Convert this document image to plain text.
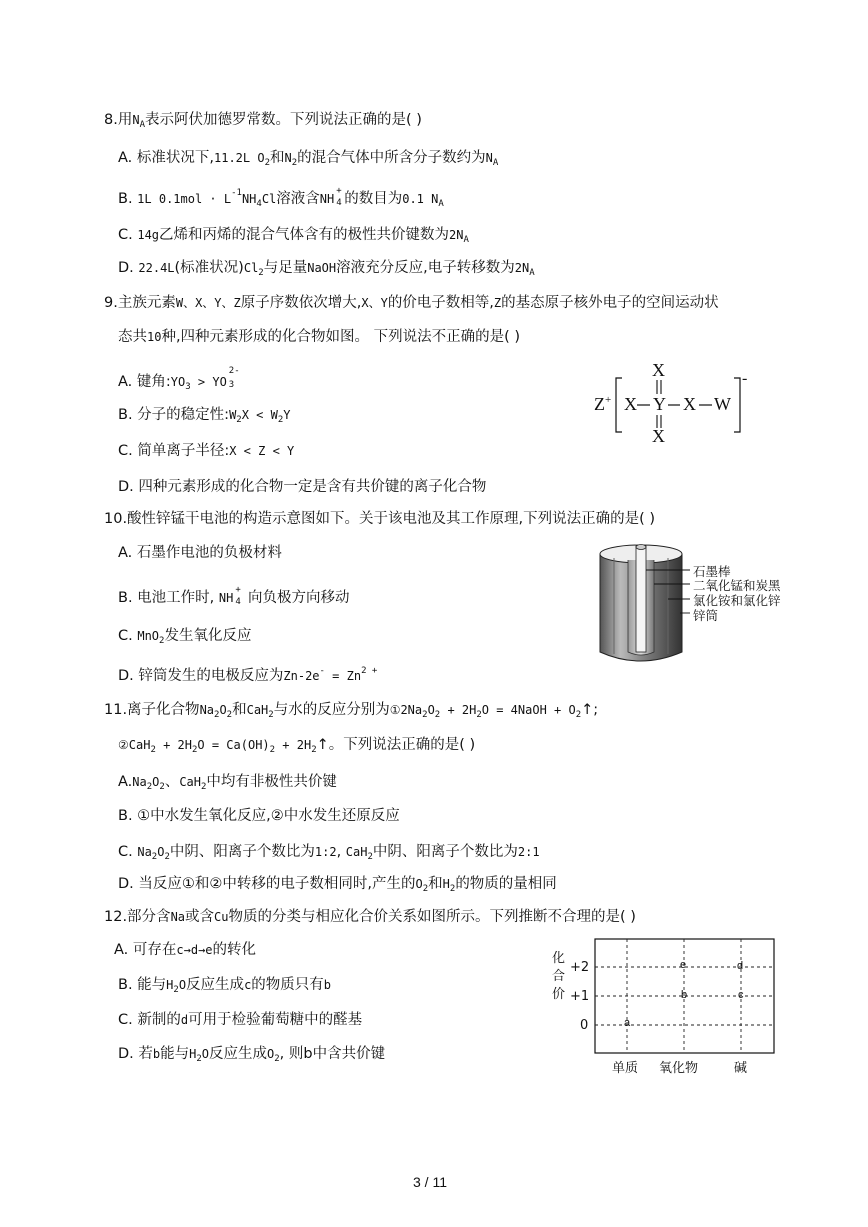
8.用$N_A$表示阿伏加德罗常数。下列说法正确的是( )
A. 标准状况下,11.2L $O_2$和$N_2$的混合气体中所含分子数约为$N_A$
B. 1L $0.1mol \cdot L^{-1}NH_4Cl$溶液含NH
+
4 的数目为0.1 $N_A$
C. 14g乙烯和丙烯的混合气体含有的极性共价键数为$2N_A$
D. 22.4L(标准状况)$Cl_2$与足量NaOH溶液充分反应,电子转移数为$2N_A$
9.主族元素W、X、Y、Z原子序数依次增大,X、Y的价电子数相等,Z的基态原子核外电子的空间运动状
态共10种,四种元素形成的化合物如图。 下列说法不正确的是( )
A. 键角$:YO_3$ > YO
2-
3
B. 分子的稳定性$:W_2X < W_2Y$
C. 简单离子半径:X < Z < Y
D. 四种元素形成的化合物一定是含有共价键的离子化合物
Z+
X
X
X Y X W
-
10.酸性锌锰干电池的构造示意图如下。关于该电池及其工作原理,下列说法正确的是( )
A. 石墨作电池的负极材料
B. 电池工作时, NH
+
4 向负极方向移动
C. MnO$_2$发生氧化反应
D. 锌筒发生的电极反应为$Zn-2e^- = Zn^{2 +}$
石墨棒
二氧化锰和炭黑
氯化铵和氯化锌
锌筒
11.离子化合物$Na_2O_2$和CaH$_2$与水的反应分别为$①2Na_2O_2 + 2H_2O$ = 4NaOH + $O_2↑$;
②CaH$_2$ + $2H_2O = Ca(OH)_2$ + $2H_2↑$。下列说法正确的是( )
$A.Na_2O_2$、CaH$_2$中均有非极性共价键
B. ①中水发生氧化反应,②中水发生还原反应
C. $Na_2O_2$中阴、阳离子个数比为1:2, CaH$_2$中阴、阳离子个数比为2:1
D. 当反应①和②中转移的电子数相同时,产生的$O_2$和$H_2$的物质的量相同
12.部分含Na或含Cu物质的分类与相应化合价关系如图所示。下列推断不合理的是( )
A. 可存在c→d→e的转化
B. 能与$H_2O$反应生成c的物质只有b
C. 新制的d可用于检验葡萄糖中的醛基
D. 若b能与$H_2O$反应生成$O_2$, 则b中含共价键
化
合
价
+2
+1
0
单质 氧化物	碱
e	d
b	c
a
3 / 11
